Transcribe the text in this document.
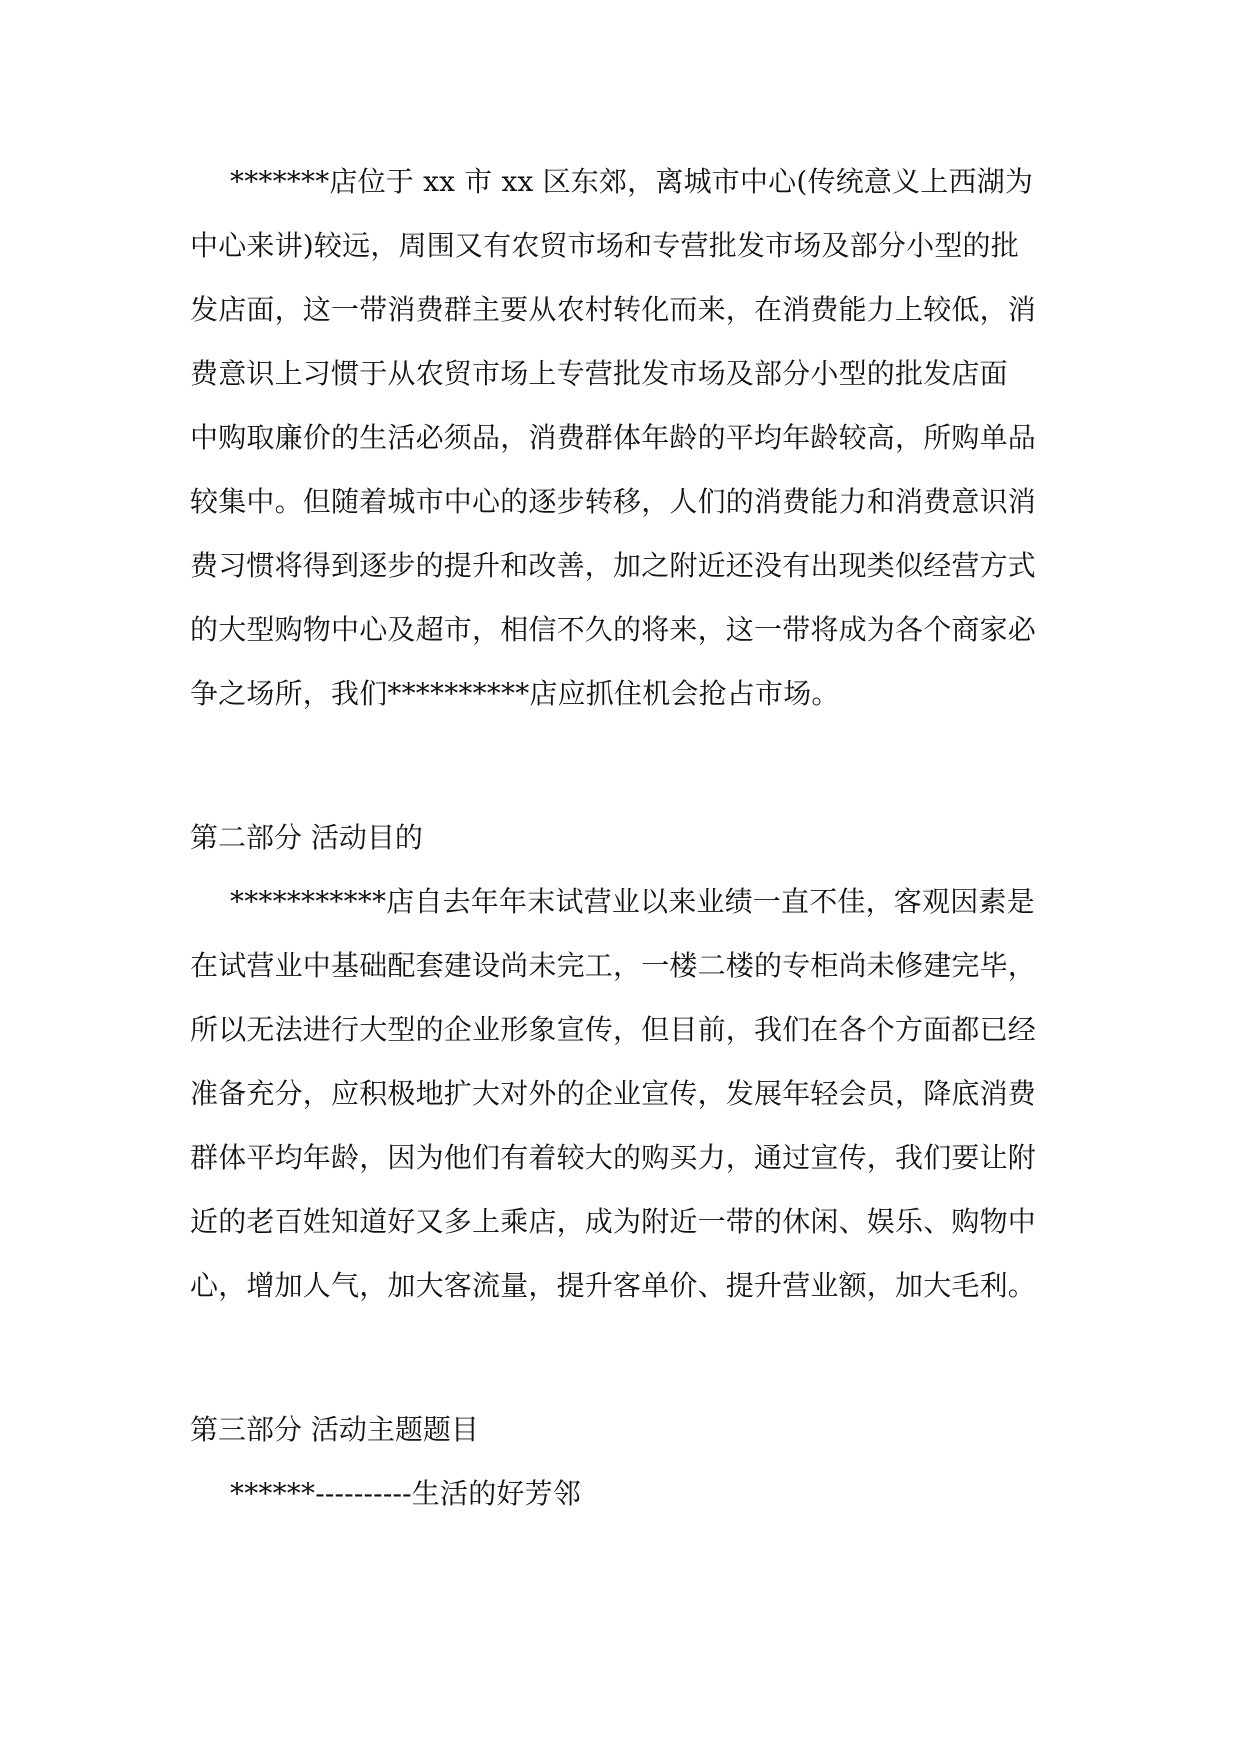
*******店位于 xx 市 xx 区东郊，离城市中心(传统意义上西湖为
中心来讲)较远，周围又有农贸市场和专营批发市场及部分小型的批
发店面，这一带消费群主要从农村转化而来，在消费能力上较低，消
费意识上习惯于从农贸市场上专营批发市场及部分小型的批发店面
中购取廉价的生活必须品，消费群体年龄的平均年龄较高，所购单品
较集中。但随着城市中心的逐步转移，人们的消费能力和消费意识消
费习惯将得到逐步的提升和改善，加之附近还没有出现类似经营方式
的大型购物中心及超市，相信不久的将来，这一带将成为各个商家必
争之场所，我们**********店应抓住机会抢占市场。
第二部分 活动目的
***********店自去年年末试营业以来业绩一直不佳，客观因素是
在试营业中基础配套建设尚未完工，一楼二楼的专柜尚未修建完毕，
所以无法进行大型的企业形象宣传，但目前，我们在各个方面都已经
准备充分，应积极地扩大对外的企业宣传，发展年轻会员，降底消费
群体平均年龄，因为他们有着较大的购买力，通过宣传，我们要让附
近的老百姓知道好又多上乘店，成为附近一带的休闲、娱乐、购物中
心，增加人气，加大客流量，提升客单价、提升营业额，加大毛利。
第三部分 活动主题题目
******----------生活的好芳邻
